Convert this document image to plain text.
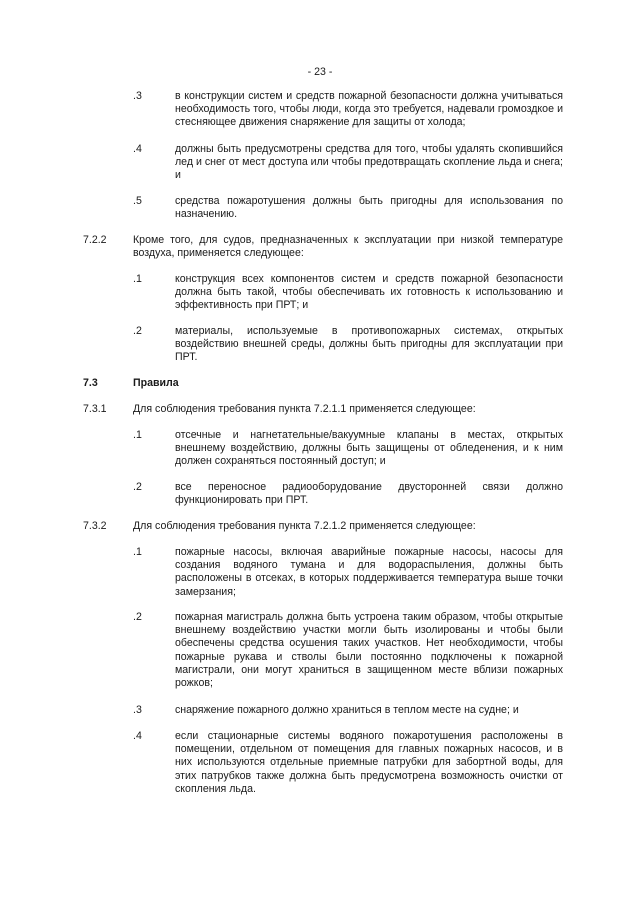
- 23 -
.3	в конструкции систем и средств пожарной безопасности должна учитываться необходимость того, чтобы люди, когда это требуется, надевали громоздкое и стесняющее движения снаряжение для защиты от холода;
.4	должны быть предусмотрены средства для того, чтобы удалять скопившийся лед и снег от мест доступа или чтобы предотвращать скопление льда и снега; и
.5	средства пожаротушения должны быть пригодны для использования по назначению.
7.2.2 Кроме того, для судов, предназначенных к эксплуатации при низкой температуре воздуха, применяется следующее:
.1	конструкция всех компонентов систем и средств пожарной безопасности должна быть такой, чтобы обеспечивать их готовность к использованию и эффективность при ПРТ; и
.2	материалы, используемые в противопожарных системах, открытых воздействию внешней среды, должны быть пригодны для эксплуатации при ПРТ.
7.3	Правила
7.3.1 Для соблюдения требования пункта 7.2.1.1 применяется следующее:
.1	отсечные и нагнетательные/вакуумные клапаны в местах, открытых внешнему воздействию, должны быть защищены от обледенения, и к ним должен сохраняться постоянный доступ; и
.2	все переносное радиооборудование двусторонней связи должно функционировать при ПРТ.
7.3.2 Для соблюдения требования пункта 7.2.1.2 применяется следующее:
.1	пожарные насосы, включая аварийные пожарные насосы, насосы для создания водяного тумана и для водораспыления, должны быть расположены в отсеках, в которых поддерживается температура выше точки замерзания;
.2	пожарная магистраль должна быть устроена таким образом, чтобы открытые внешнему воздействию участки могли быть изолированы и чтобы были обеспечены средства осушения таких участков. Нет необходимости, чтобы пожарные рукава и стволы были постоянно подключены к пожарной магистрали, они могут храниться в защищенном месте вблизи пожарных рожков;
.3	снаряжение пожарного должно храниться в теплом месте на судне; и
.4	если стационарные системы водяного пожаротушения расположены в помещении, отдельном от помещения для главных пожарных насосов, и в них используются отдельные приемные патрубки для забортной воды, для этих патрубков также должна быть предусмотрена возможность очистки от скопления льда.
